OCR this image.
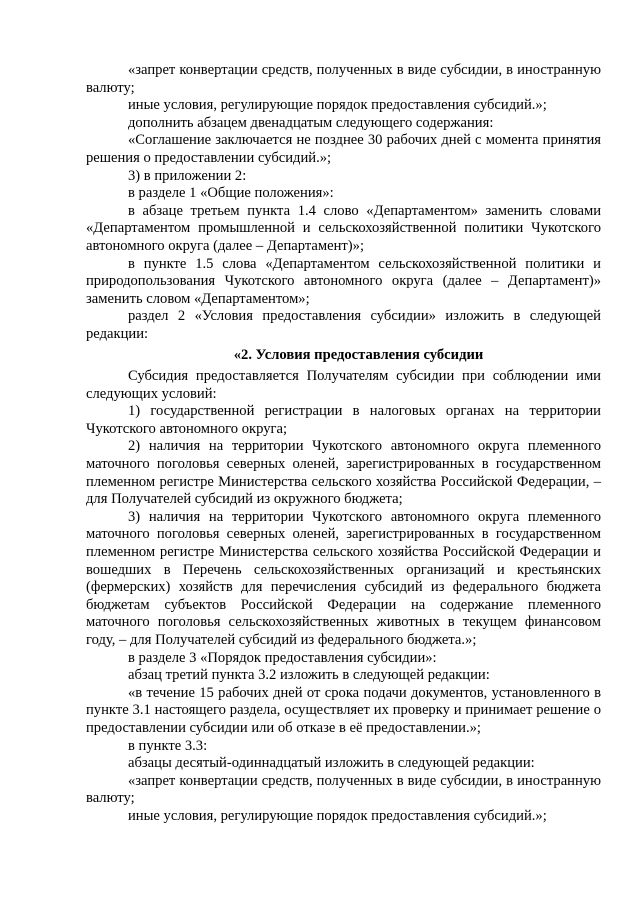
«запрет конвертации средств, полученных в виде субсидии, в иностранную валюту;

иные условия, регулирующие порядок предоставления субсидий.»;

дополнить абзацем двенадцатым следующего содержания:

«Соглашение заключается не позднее 30 рабочих дней с момента принятия решения о предоставлении субсидий.»;

3) в приложении 2:

в разделе 1 «Общие положения»:

в абзаце третьем пункта 1.4 слово «Департаментом» заменить словами «Департаментом промышленной и сельскохозяйственной политики Чукотского автономного округа (далее – Департамент)»;

в пункте 1.5 слова «Департаментом сельскохозяйственной политики и природопользования Чукотского автономного округа (далее – Департамент)» заменить словом «Департаментом»;

раздел 2 «Условия предоставления субсидии» изложить в следующей редакции:

«2. Условия предоставления субсидии

Субсидия предоставляется Получателям субсидии при соблюдении ими следующих условий:

1) государственной регистрации в налоговых органах на территории Чукотского автономного округа;

2) наличия на территории Чукотского автономного округа племенного маточного поголовья северных оленей, зарегистрированных в государственном племенном регистре Министерства сельского хозяйства Российской Федерации, – для Получателей субсидий из окружного бюджета;

3) наличия на территории Чукотского автономного округа племенного маточного поголовья северных оленей, зарегистрированных в государственном племенном регистре Министерства сельского хозяйства Российской Федерации и вошедших в Перечень сельскохозяйственных организаций и крестьянских (фермерских) хозяйств для перечисления субсидий из федерального бюджета бюджетам субъектов Российской Федерации на содержание племенного маточного поголовья сельскохозяйственных животных в текущем финансовом году, – для Получателей субсидий из федерального бюджета.»;

в разделе 3 «Порядок предоставления субсидии»:

абзац третий пункта 3.2 изложить в следующей редакции:

«в течение 15 рабочих дней от срока подачи документов, установленного в пункте 3.1 настоящего раздела, осуществляет их проверку и принимает решение о предоставлении субсидии или об отказе в её предоставлении.»;

в пункте 3.3:

абзацы десятый-одиннадцатый изложить в следующей редакции:

«запрет конвертации средств, полученных в виде субсидии, в иностранную валюту;

иные условия, регулирующие порядок предоставления субсидий.»;
